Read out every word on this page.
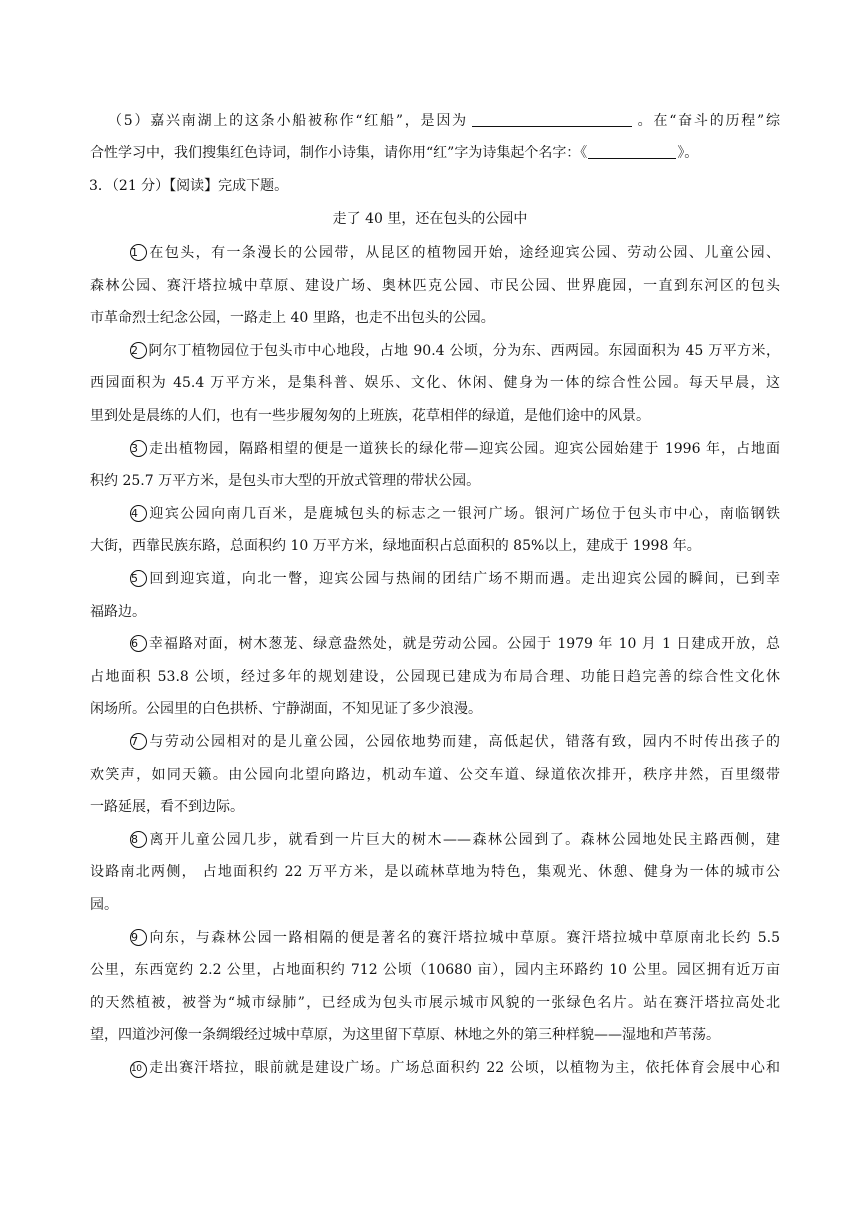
（5）嘉兴南湖上的这条小船被称作“红船”，是因为	。在“奋斗的历程”综
合性学习中，我们搜集红色诗词，制作小诗集，请你用“红”字为诗集起个名字：《	》。
3．（21 分）【阅读】完成下题。
走了 40 里，还在包头的公园中
1 在包头，有一条漫长的公园带，从昆区的植物园开始，途经迎宾公园、劳动公园、儿童公园、
森林公园、赛汗塔拉城中草原、建设广场、奥林匹克公园、市民公园、世界鹿园，一直到东河区的包头
市革命烈士纪念公园，一路走上 40 里路，也走不出包头的公园。
2 阿尔丁植物园位于包头市中心地段，占地 90.4 公顷，分为东、西两园。东园面积为 45 万平方米，
西园面积为 45.4 万平方米，是集科普、娱乐、文化、休闲、健身为一体的综合性公园。每天早晨，这
里到处是晨练的人们，也有一些步履匆匆的上班族，花草相伴的绿道，是他们途中的风景。
3 走出植物园，隔路相望的便是一道狭长的绿化带—迎宾公园。迎宾公园始建于 1996 年，占地面
积约 25.7 万平方米，是包头市大型的开放式管理的带状公园。
4 迎宾公园向南几百米，是鹿城包头的标志之一银河广场。银河广场位于包头市中心，南临钢铁
大街，西靠民族东路，总面积约 10 万平方米，绿地面积占总面积的 85%以上，建成于 1998 年。
5 回到迎宾道，向北一瞥，迎宾公园与热闹的团结广场不期而遇。走出迎宾公园的瞬间，已到幸
福路边。
6 幸福路对面，树木葱茏、绿意盎然处，就是劳动公园。公园于 1979 年 10 月 1 日建成开放，总
占地面积 53.8 公顷，经过多年的规划建设，公园现已建成为布局合理、功能日趋完善的综合性文化休
闲场所。公园里的白色拱桥、宁静湖面，不知见证了多少浪漫。
7 与劳动公园相对的是儿童公园，公园依地势而建，高低起伏，错落有致，园内不时传出孩子的
欢笑声，如同天籁。由公园向北望向路边，机动车道、公交车道、绿道依次排开，秩序井然，百里缀带
一路延展，看不到边际。
8 离开儿童公园几步，就看到一片巨大的树木——森林公园到了。森林公园地处民主路西侧，建
设路南北两侧， 占地面积约 22 万平方米，是以疏林草地为特色，集观光、休憩、健身为一体的城市公
园。
9 向东，与森林公园一路相隔的便是著名的赛汗塔拉城中草原。赛汗塔拉城中草原南北长约 5.5
公里，东西宽约 2.2 公里，占地面积约 712 公顷（10680 亩），园内主环路约 10 公里。园区拥有近万亩
的天然植被，被誉为“城市绿肺”，已经成为包头市展示城市风貌的一张绿色名片。站在赛汗塔拉高处北
望，四道沙河像一条绸缎经过城中草原，为这里留下草原、林地之外的第三种样貌——湿地和芦苇荡。
10 走出赛汗塔拉，眼前就是建设广场。广场总面积约 22 公顷，以植物为主，依托体育会展中心和
